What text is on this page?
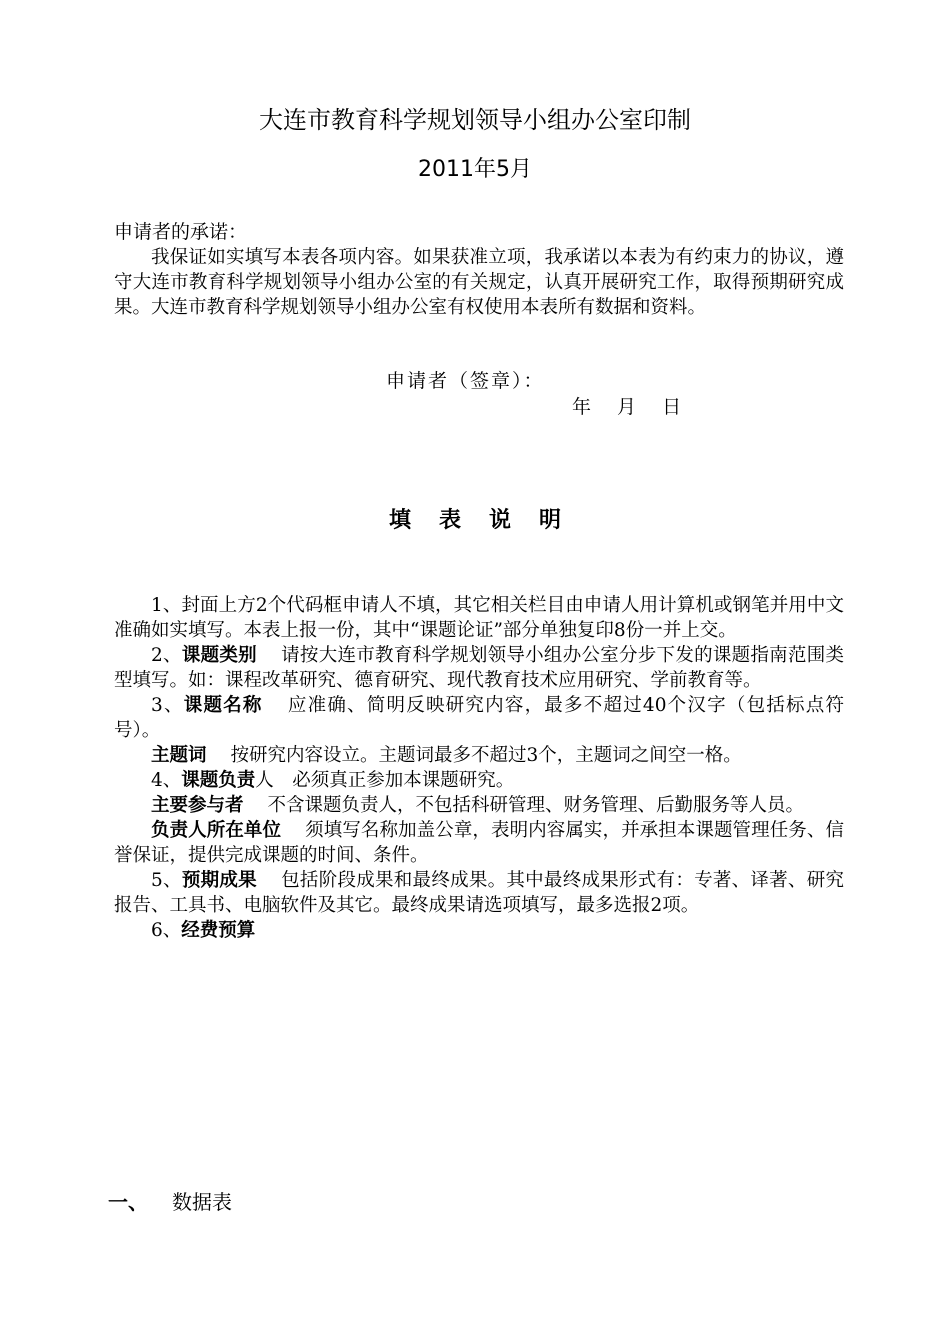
大连市教育科学规划领导小组办公室印制
2011年5月
申请者的承诺：
我保证如实填写本表各项内容。如果获准立项，我承诺以本表为有约束力的协议，遵守大连市教育科学规划领导小组办公室的有关规定，认真开展研究工作，取得预期研究成果。大连市教育科学规划领导小组办公室有权使用本表所有数据和资料。
申请者（签章）：
年 月 日
填表说明

1、封面上方2个代码框申请人不填，其它相关栏目由申请人用计算机或钢笔并用中文准确如实填写。本表上报一份，其中“课题论证”部分单独复印8份一并上交。

2、课题类别 请按大连市教育科学规划领导小组办公室分步下发的课题指南范围类型填写。如：课程改革研究、德育研究、现代教育技术应用研究、学前教育等。

3、课题名称 应准确、简明反映研究内容，最多不超过40个汉字（包括标点符号）。

主题词 按研究内容设立。主题词最多不超过3个，主题词之间空一格。

4、课题负责人　必须真正参加本课题研究。

主要参与者 不含课题负责人，不包括科研管理、财务管理、后勤服务等人员。

负责人所在单位 须填写名称加盖公章，表明内容属实，并承担本课题管理任务、信誉保证，提供完成课题的时间、条件。

5、预期成果 包括阶段成果和最终成果。其中最终成果形式有：专著、译著、研究报告、工具书、电脑软件及其它。最终成果请选项填写，最多选报2项。

6、经费预算

一、 数据表
